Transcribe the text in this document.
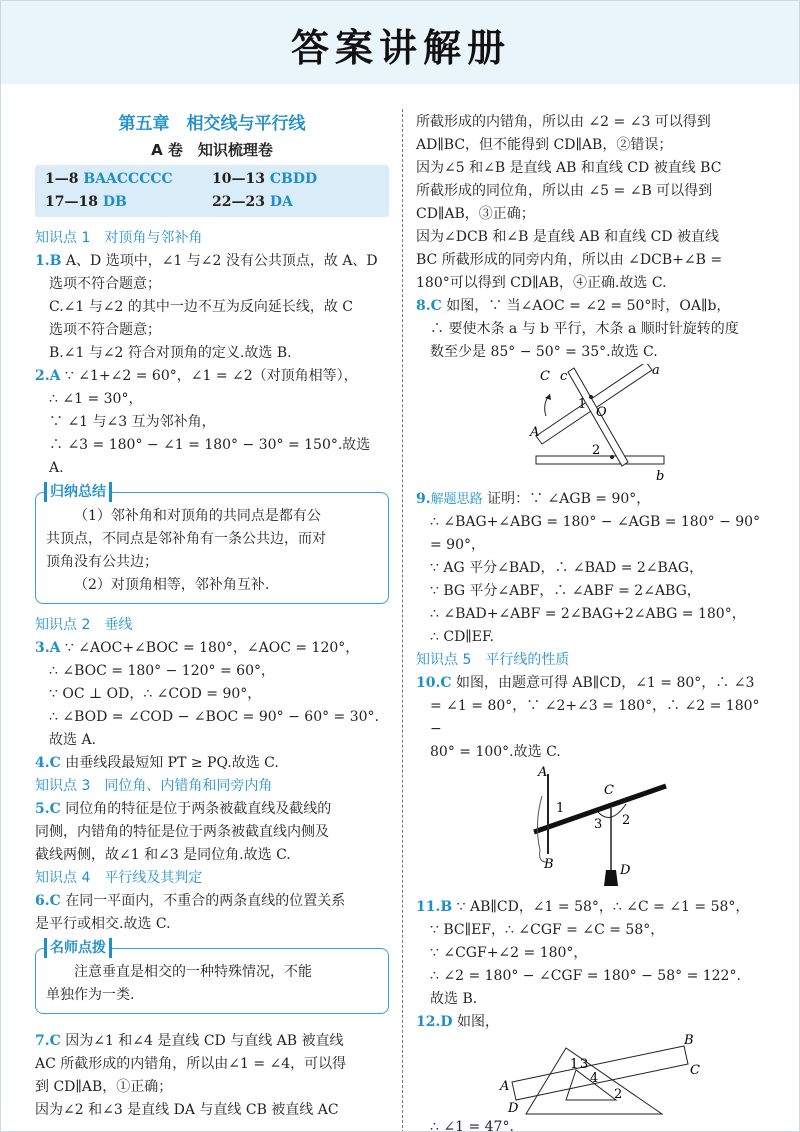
答案讲解册
第五章　相交线与平行线
A 卷　知识梳理卷
1—8 BAACCCCC	10—13 CBDD
17—18 DB	22—23 DA
知识点 1　对顶角与邻补角

1.B A、D 选项中，∠1 与∠2 没有公共顶点，故 A、D

选项不符合题意；

C.∠1 与∠2 的其中一边不互为反向延长线，故 C

选项不符合题意；

B.∠1 与∠2 符合对顶角的定义.故选 B.

2.A ∵ ∠1+∠2 = 60°，∠1 = ∠2（对顶角相等），

∴ ∠1 = 30°，

∵ ∠1 与∠3 互为邻补角，

∴ ∠3 = 180° − ∠1 = 180° − 30° = 150°.故选 A.

归纳总结

（1）邻补角和对顶角的共同点是都有公

共顶点，不同点是邻补角有一条公共边，而对

顶角没有公共边；

（2）对顶角相等，邻补角互补.

知识点 2　垂线

3.A ∵ ∠AOC+∠BOC = 180°，∠AOC = 120°，

∴ ∠BOC = 180° − 120° = 60°，

∵ OC ⊥ OD，∴ ∠COD = 90°，

∴ ∠BOD = ∠COD − ∠BOC = 90° − 60° = 30°.故选 A.

4.C 由垂线段最短知 PT ≥ PQ.故选 C.

知识点 3　同位角、内错角和同旁内角

5.C 同位角的特征是位于两条被截直线及截线的

同侧，内错角的特征是位于两条被截直线内侧及

截线两侧，故∠1 和∠3 是同位角.故选 C.

知识点 4　平行线及其判定

6.C 在同一平面内，不重合的两条直线的位置关系

是平行或相交.故选 C.

名师点拨

注意垂直是相交的一种特殊情况，不能

单独作为一类.

7.C 因为∠1 和∠4 是直线 CD 与直线 AB 被直线

AC 所截形成的内错角，所以由∠1 = ∠4，可以得

到 CD∥AB，①正确；

因为∠2 和∠3 是直线 DA 与直线 CB 被直线 AC

所截形成的内错角，所以由 ∠2 = ∠3 可以得到

AD∥BC，但不能得到 CD∥AB，②错误；

因为∠5 和∠B 是直线 AB 和直线 CD 被直线 BC

所截形成的同位角，所以由 ∠5 = ∠B 可以得到

CD∥AB，③正确；

因为∠DCB 和∠B 是直线 AB 和直线 CD 被直线

BC 所截形成的同旁内角，所以由 ∠DCB+∠B =

180°可以得到 CD∥AB，④正确.故选 C.

8.C 如图，∵ 当∠AOC = ∠2 = 50°时，OA∥b，

∴ 要使木条 a 与 b 平行，木条 a 顺时针旋转的度

数至少是 85° − 50° = 35°.故选 C.

C c	a
A
O
1
2
b

9.解题思路 证明：∵ ∠AGB = 90°，

∴ ∠BAG+∠ABG = 180° − ∠AGB = 180° − 90° = 90°，

∵ AG 平分∠BAD，∴ ∠BAD = 2∠BAG，

∵ BG 平分∠ABF，∴ ∠ABF = 2∠ABG，

∴ ∠BAD+∠ABF = 2∠BAG+2∠ABG = 180°，

∴ CD∥EF.

知识点 5　平行线的性质

10.C 如图，由题意可得 AB∥CD，∠1 = 80°，∴ ∠3

= ∠1 = 80°，∵ ∠2+∠3 = 180°，∴ ∠2 = 180° −

80° = 100°.故选 C.

A
B
C
D
1
2
3

11.B ∵ AB∥CD，∠1 = 58°，∴ ∠C = ∠1 = 58°，

∵ BC∥EF，∴ ∠CGF = ∠C = 58°，

∵ ∠CGF+∠2 = 180°，

∴ ∠2 = 180° − ∠CGF = 180° − 58° = 122°.

故选 B.

12.D 如图，

A
B
C
D
1
2
3
4

∴ ∠1 = 47°.
